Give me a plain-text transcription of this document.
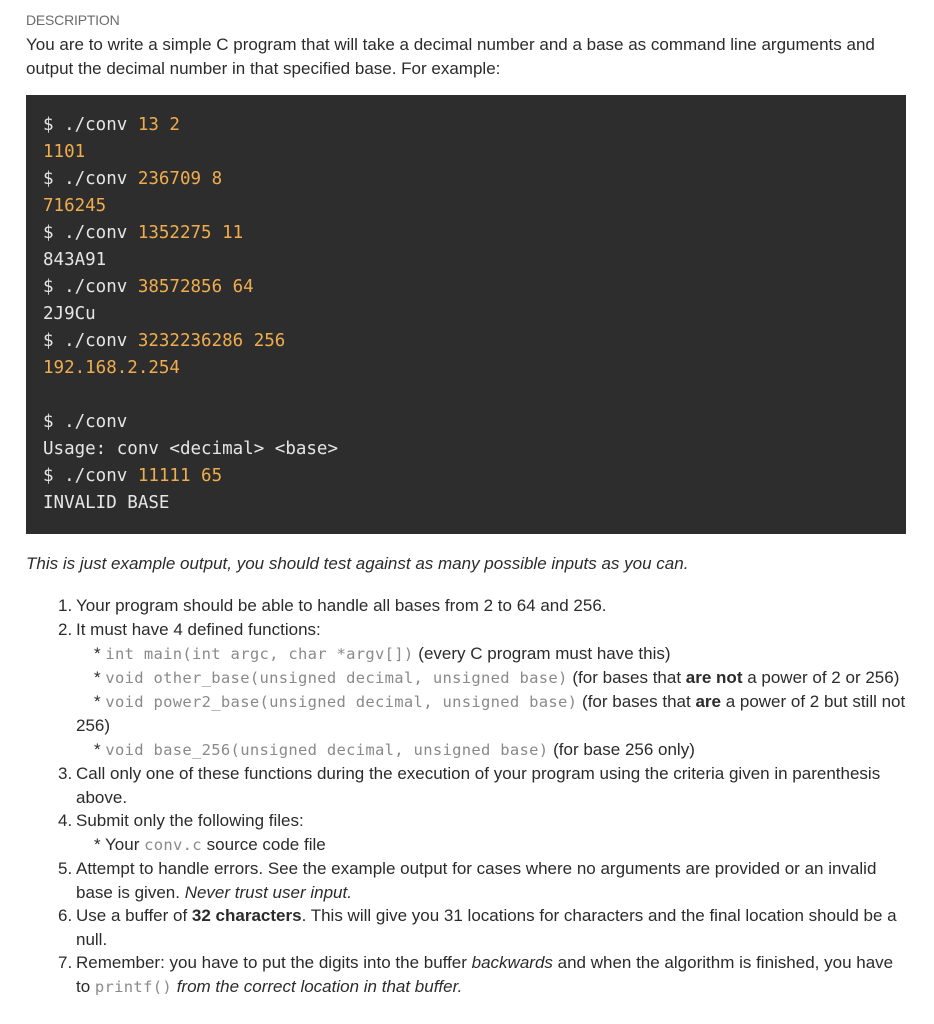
DESCRIPTION
You are to write a simple C program that will take a decimal number and a base as command line arguments and output the decimal number in that specified base. For example:
$ ./conv 13 2
1101
$ ./conv 236709 8
716245
$ ./conv 1352275 11
843A91
$ ./conv 38572856 64
2J9Cu
$ ./conv 3232236286 256
192.168.2.254
$ ./conv
Usage: conv <decimal> <base>
$ ./conv 11111 65
INVALID BASE
This is just example output, you should test against as many possible inputs as you can.
1. Your program should be able to handle all bases from 2 to 64 and 256.
2. It must have 4 defined functions:
* int main(int argc, char *argv[]) (every C program must have this)
* void other_base(unsigned decimal, unsigned base) (for bases that are not a power of 2 or 256)
* void power2_base(unsigned decimal, unsigned base) (for bases that are a power of 2 but still not 256)
* void base_256(unsigned decimal, unsigned base) (for base 256 only)
3. Call only one of these functions during the execution of your program using the criteria given in parenthesis above.
4. Submit only the following files:
* Your conv.c source code file
5. Attempt to handle errors. See the example output for cases where no arguments are provided or an invalid base is given. Never trust user input.
6. Use a buffer of 32 characters. This will give you 31 locations for characters and the final location should be a null.
7. Remember: you have to put the digits into the buffer backwards and when the algorithm is finished, you have to printf() from the correct location in that buffer.
